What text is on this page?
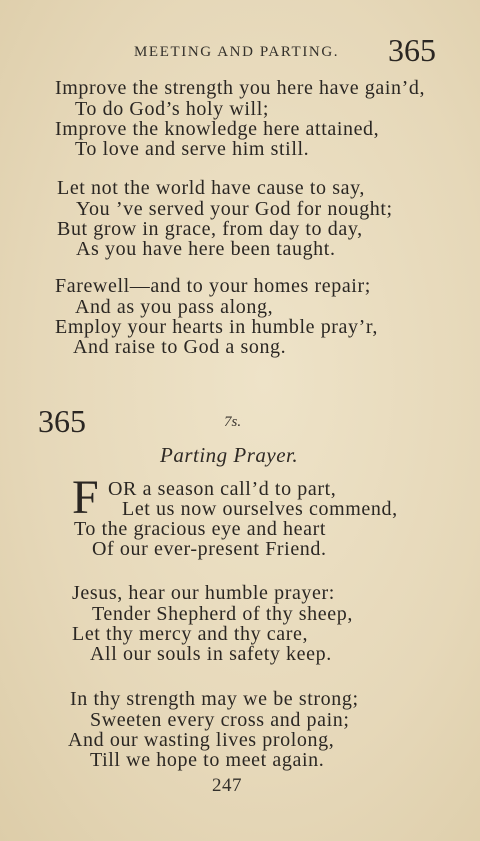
MEETING AND PARTING. 365
Improve the strength you here have gain’d,
To do God’s holy will;
Improve the knowledge here attained,
To love and serve him still.
Let not the world have cause to say,
You ’ve served your God for nought;
But grow in grace, from day to day,
As you have here been taught.
Farewell—and to your homes repair;
And as you pass along,
Employ your hearts in humble pray’r,
And raise to God a song.
365	7s.
Parting Prayer.
F OR a season call’d to part,
Let us now ourselves commend,
To the gracious eye and heart
Of our ever-present Friend.
Jesus, hear our humble prayer:
Tender Shepherd of thy sheep,
Let thy mercy and thy care,
All our souls in safety keep.
In thy strength may we be strong;
Sweeten every cross and pain;
And our wasting lives prolong,
Till we hope to meet again.
247
